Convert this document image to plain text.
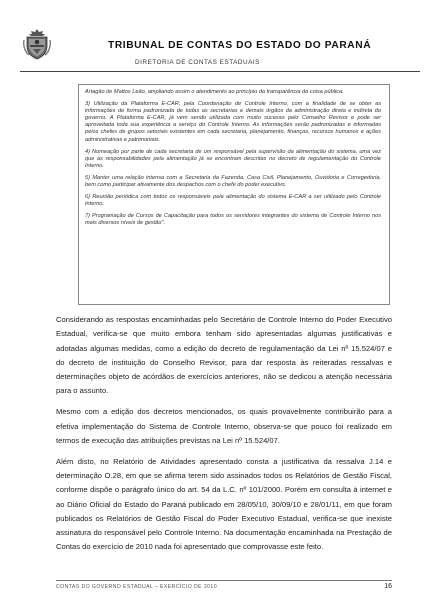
TRIBUNAL DE CONTAS DO ESTADO DO PARANÁ
DIRETORIA DE CONTAS ESTADUAIS

Artagão de Mattos Leão, ampliando assim o atendimento ao princípio da transparência da coisa pública.

3) Utilização da Plataforma E-CAR, pela Coordenação de Controle Interno, com a finalidade de se obter as informações de forma padronizada de todas as secretarias e demais órgãos da administração direta e indireta do governo. A Plataforma E-CAR, já vem sendo utilizada com muito sucesso pelo Conselho Revisor e pode ser aproveitada toda sua experiência a serviço do Controle Interno. As informações serão padronizadas e informadas pelos chefes de grupos setoriais existentes em cada secretaria, planejamento, finanças, recursos humanos e ações administrativas e patrimoniais.

4) Nomeação por parte de cada secretaria de um responsável pela supervisão da alimentação do sistema, uma vez que as responsabilidades pela alimentação já se encontram descritas no decreto de regulamentação do Controle Interno.

5) Manter uma relação intensa com a Secretaria da Fazenda, Casa Civil, Planejamento, Ouvidoria e Corregedoria, bem como participar ativamente dos despachos com o chefe do poder executivo.

6) Reunião periódica com todos os responsáveis pela alimentação do sistema E-CAR a ser utilizado pelo Controle Interno.

7) Programação de Cursos de Capacitação para todos os servidores integrantes do sistema de Controle Interno nos mais diversos níveis de gestão".

Considerando as respostas encaminhadas pelo Secretário de Controle Interno do Poder Executivo Estadual, verifica-se que muito embora tenham sido apresentadas algumas justificativas e adotadas algumas medidas, como a edição do decreto de regulamentação da Lei nº 15.524/07 e do decreto de instituição do Conselho Revisor, para dar resposta às reiteradas ressalvas e determinações objeto de acórdãos de exercícios anteriores, não se dedicou a atenção necessária para o assunto.

Mesmo com a edição dos decretos mencionados, os quais provavelmente contribuirão para a efetiva implementação do Sistema de Controle Interno, observa-se que pouco foi realizado em termos de execução das atribuições previstas na Lei nº 15.524/07.

Além disto, no Relatório de Atividades apresentado consta a justificativa da ressalva J.14 e determinação O.28, em que se afirma terem sido assinados todos os Relatórios de Gestão Fiscal, conforme dispõe o parágrafo único do art. 54 da L.C. nº 101/2000. Porém em consulta à internet e ao Diário Oficial do Estado do Paraná publicado em 28/05/10, 30/09/10 e 28/01/11, em que foram publicados os Relatórios de Gestão Fiscal do Poder Executivo Estadual, verifica-se que inexiste assinatura do responsável pelo Controle Interno. Na documentação encaminhada na Prestação de Contas do exercício de 2010 nada foi apresentado que comprovasse este feito.

CONTAS DO GOVERNO ESTADUAL – EXERCÍCIO DE 2010	16
